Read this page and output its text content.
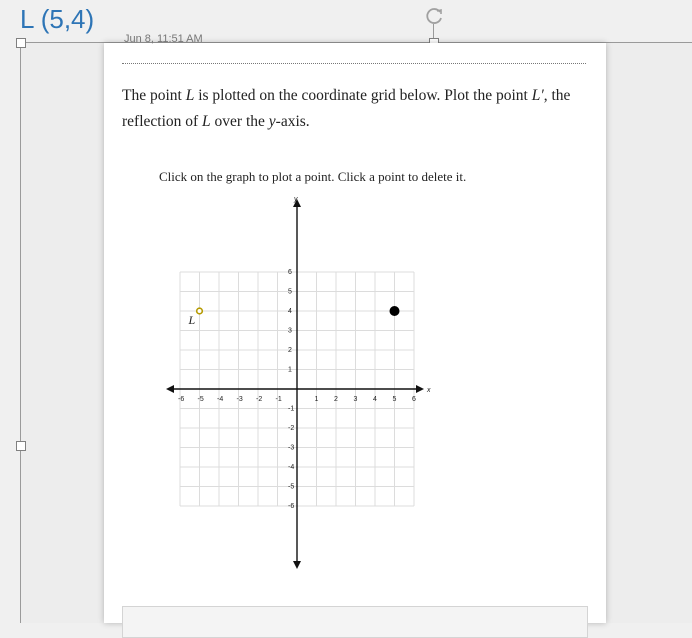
L (5,4)
Jun 8, 11:51 AM
The point L is plotted on the coordinate grid below. Plot the point L′, the reflection of L over the y-axis.
Click on the graph to plot a point. Click a point to delete it.
x
y
-6 -5 -4 -3 -2 -1	1 2 3 4 5 6
6
5
4
3
2
1
-1
-2
-3
-4
-5
-6
L
